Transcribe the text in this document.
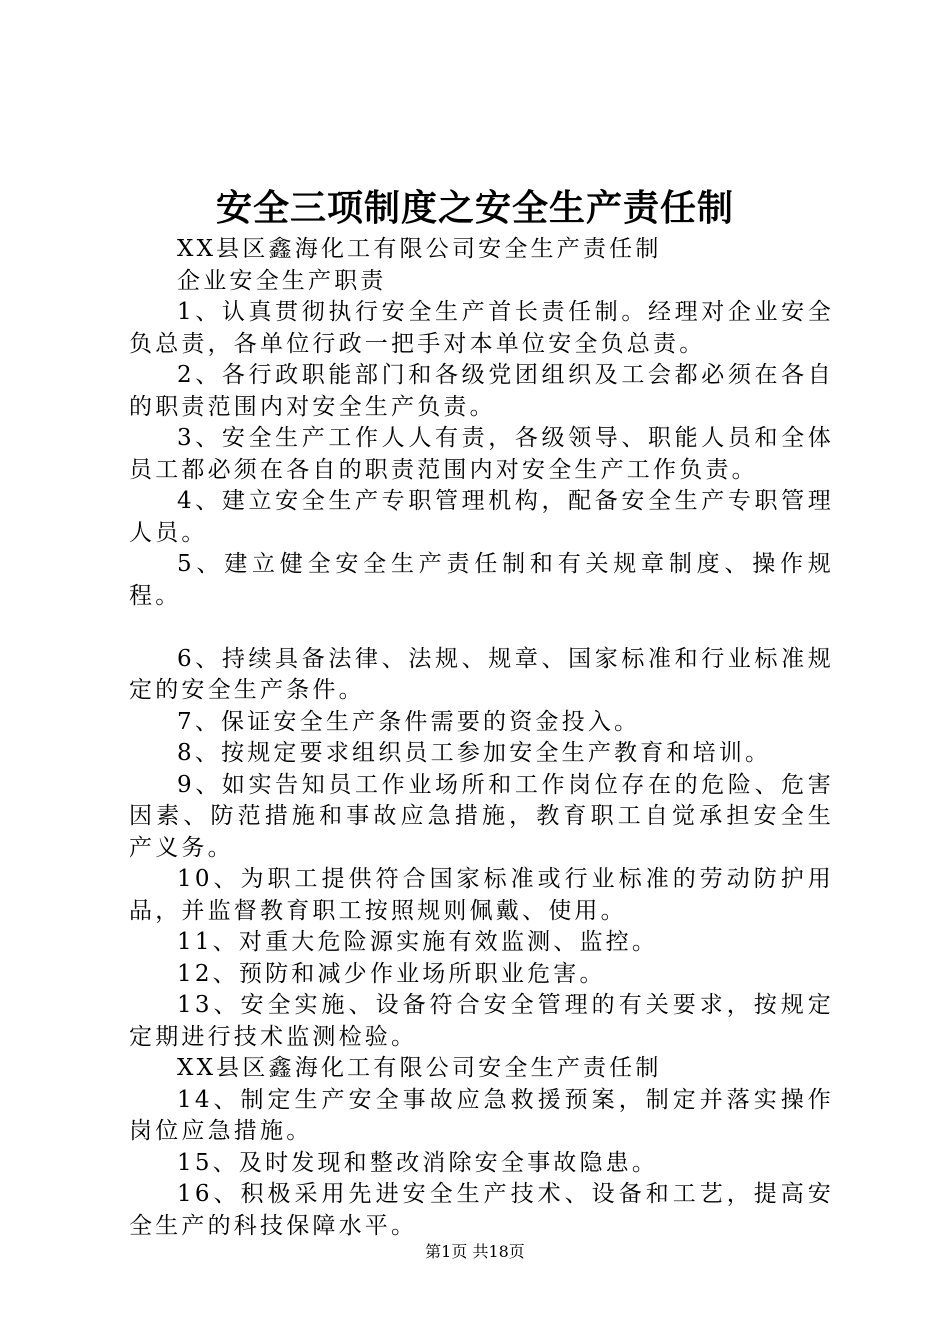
安全三项制度之安全生产责任制

XX县区鑫海化工有限公司安全生产责任制

企业安全生产职责

1、认真贯彻执行安全生产首长责任制。经理对企业安全负总责，各单位行政一把手对本单位安全负总责。

2、各行政职能部门和各级党团组织及工会都必须在各自的职责范围内对安全生产负责。

3、安全生产工作人人有责，各级领导、职能人员和全体员工都必须在各自的职责范围内对安全生产工作负责。

4、建立安全生产专职管理机构，配备安全生产专职管理人员。

5、建立健全安全生产责任制和有关规章制度、操作规程。

6、持续具备法律、法规、规章、国家标准和行业标准规定的安全生产条件。

7、保证安全生产条件需要的资金投入。

8、按规定要求组织员工参加安全生产教育和培训。

9、如实告知员工作业场所和工作岗位存在的危险、危害因素、防范措施和事故应急措施，教育职工自觉承担安全生产义务。

10、为职工提供符合国家标准或行业标准的劳动防护用品，并监督教育职工按照规则佩戴、使用。

11、对重大危险源实施有效监测、监控。

12、预防和减少作业场所职业危害。

13、安全实施、设备符合安全管理的有关要求，按规定定期进行技术监测检验。

XX县区鑫海化工有限公司安全生产责任制

14、制定生产安全事故应急救援预案，制定并落实操作岗位应急措施。

15、及时发现和整改消除安全事故隐患。

16、积极采用先进安全生产技术、设备和工艺，提高安全生产的科技保障水平。

第1页 共18页
